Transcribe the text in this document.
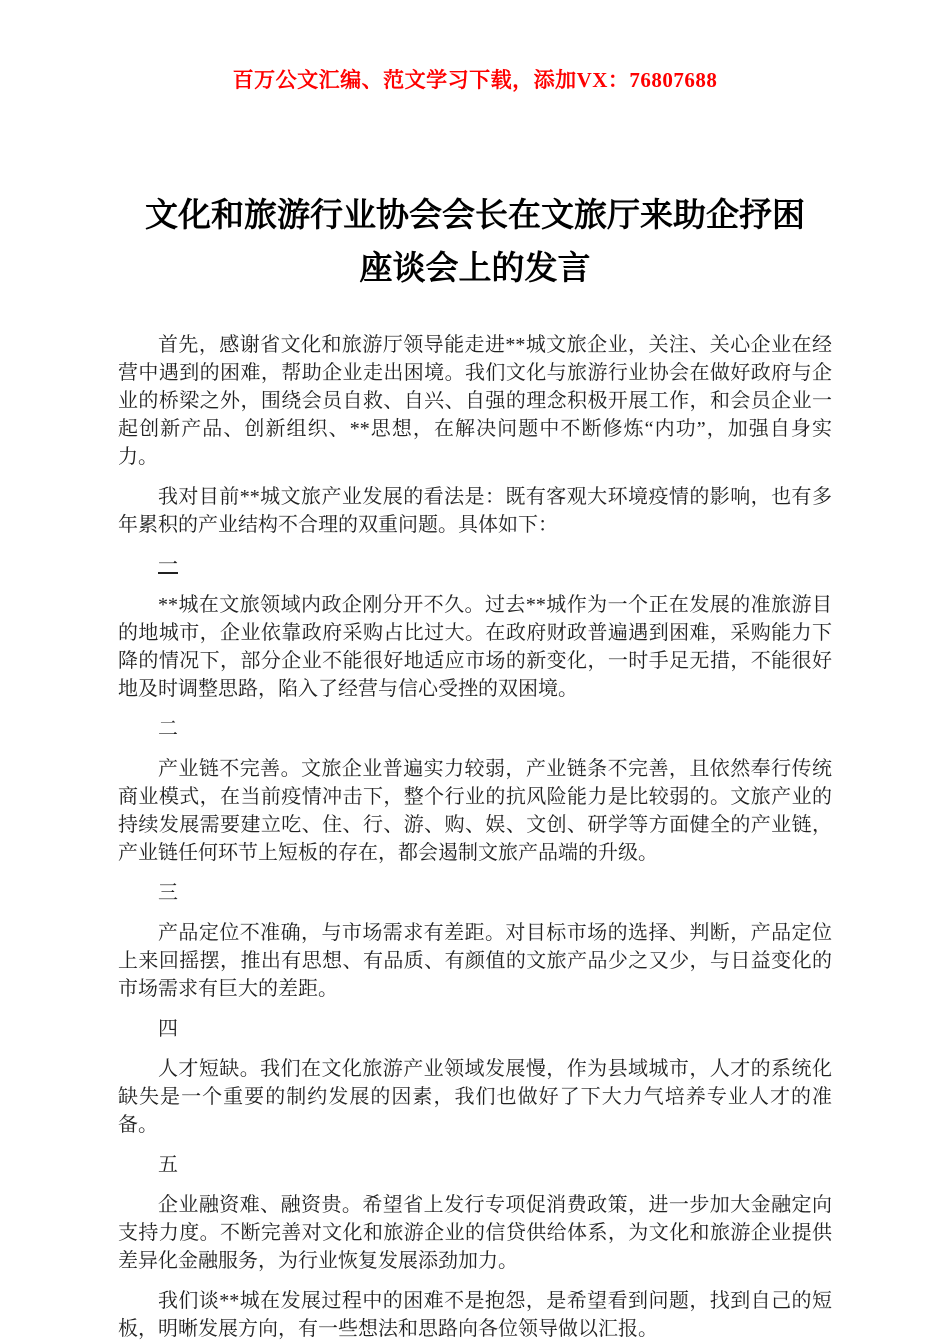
百万公文汇编、范文学习下载，添加VX：76807688
文化和旅游行业协会会长在文旅厅来助企抒困
座谈会上的发言

首先，感谢省文化和旅游厅领导能走进**城文旅企业，关注、关心企业在经营中遇到的困难，帮助企业走出困境。我们文化与旅游行业协会在做好政府与企业的桥梁之外，围绕会员自救、自兴、自强的理念积极开展工作，和会员企业一起创新产品、创新组织、**思想，在解决问题中不断修炼“内功”，加强自身实力。

我对目前**城文旅产业发展的看法是：既有客观大环境疫情的影响，也有多年累积的产业结构不合理的双重问题。具体如下：

一

**城在文旅领域内政企刚分开不久。过去**城作为一个正在发展的准旅游目的地城市，企业依靠政府采购占比过大。在政府财政普遍遇到困难，采购能力下降的情况下，部分企业不能很好地适应市场的新变化，一时手足无措，不能很好地及时调整思路，陷入了经营与信心受挫的双困境。

二

产业链不完善。文旅企业普遍实力较弱，产业链条不完善，且依然奉行传统商业模式，在当前疫情冲击下，整个行业的抗风险能力是比较弱的。文旅产业的持续发展需要建立吃、住、行、游、购、娱、文创、研学等方面健全的产业链，产业链任何环节上短板的存在，都会遏制文旅产品端的升级。

三

产品定位不准确，与市场需求有差距。对目标市场的选择、判断，产品定位上来回摇摆，推出有思想、有品质、有颜值的文旅产品少之又少，与日益变化的市场需求有巨大的差距。

四

人才短缺。我们在文化旅游产业领域发展慢，作为县域城市，人才的系统化缺失是一个重要的制约发展的因素，我们也做好了下大力气培养专业人才的准备。

五

企业融资难、融资贵。希望省上发行专项促消费政策，进一步加大金融定向支持力度。不断完善对文化和旅游企业的信贷供给体系，为文化和旅游企业提供差异化金融服务，为行业恢复发展添劲加力。

我们谈**城在发展过程中的困难不是抱怨，是希望看到问题，找到自己的短板，明晰发展方向，有一些想法和思路向各位领导做以汇报。
